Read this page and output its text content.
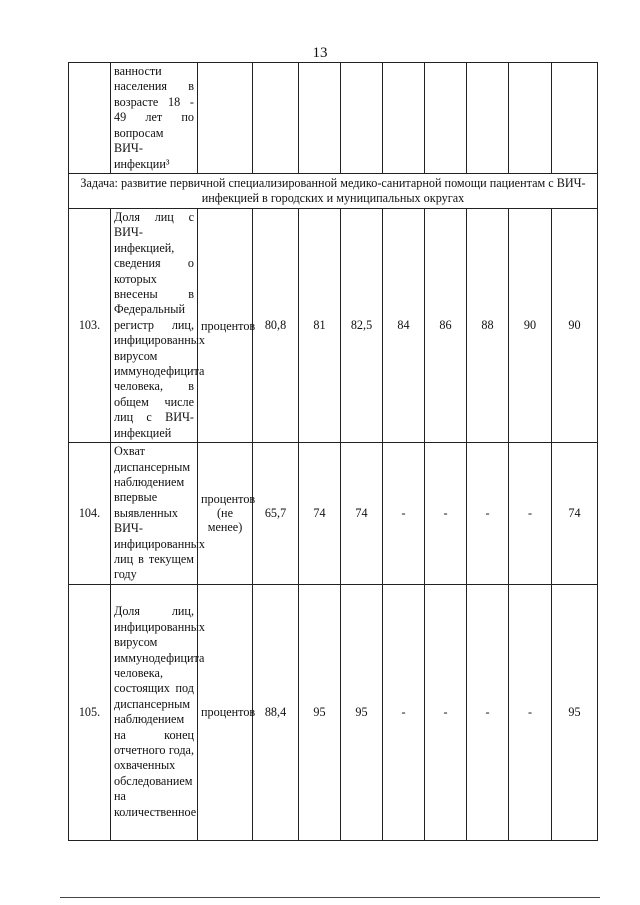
13
	ванности населения в возрасте 18 - 49 лет по вопросам ВИЧ-инфекции³									
Задача: развитие первичной специализированной медико-санитарной помощи пациентам с ВИЧ-инфекцией в городских и муниципальных округах										
103.	Доля лиц с ВИЧ-инфекцией, сведения о которых внесены в Федеральный регистр лиц, инфицированных вирусом иммунодефицита человека, в общем числе лиц с ВИЧ-инфекцией	процентов	80,8	81	82,5	84	86	88	90	90
104.	Охват диспансерным наблюдением впервые выявленных ВИЧ-инфицированных лиц в текущем году	процентов (не менее)	65,7	74	74	-	-	-	-	74
105.	Доля лиц, инфицированных вирусом иммунодефицита человека, состоящих под диспансерным наблюдением на конец отчетного года, охваченных обследованием на количественное	процентов	88,4	95	95	-	-	-	-	95
